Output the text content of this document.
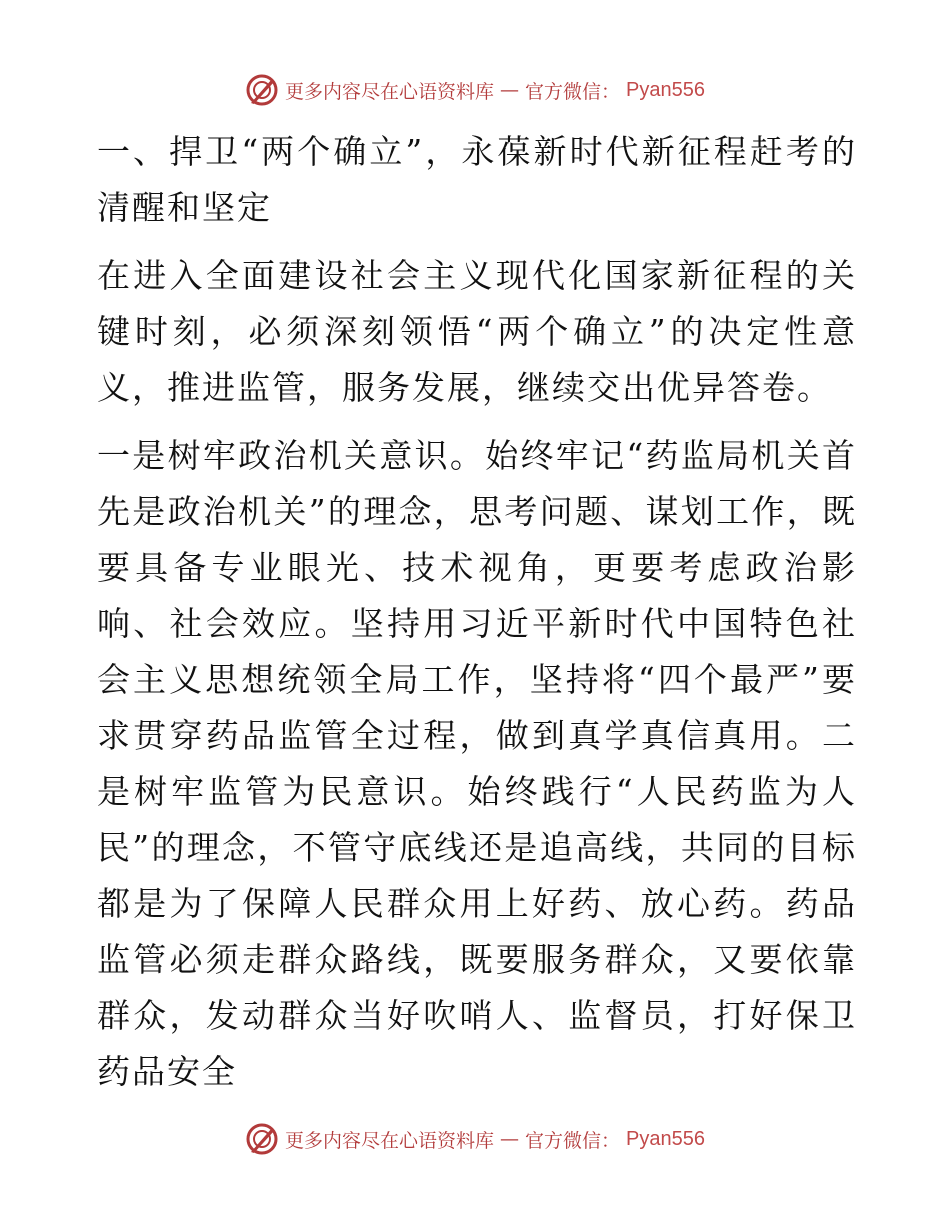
更多内容尽在心语资料库 — 官方微信： Pyan556

一、捍卫“两个确立”，永葆新时代新征程赶考的清醒和坚定

在进入全面建设社会主义现代化国家新征程的关键时刻，必须深刻领悟“两个确立”的决定性意义，推进监管，服务发展，继续交出优异答卷。

一是树牢政治机关意识。始终牢记“药监局机关首先是政治机关”的理念，思考问题、谋划工作，既要具备专业眼光、技术视角，更要考虑政治影响、社会效应。坚持用习近平新时代中国特色社会主义思想统领全局工作，坚持将“四个最严”要求贯穿药品监管全过程，做到真学真信真用。二是树牢监管为民意识。始终践行“人民药监为人民”的理念，不管守底线还是追高线，共同的目标都是为了保障人民群众用上好药、放心药。药品监管必须走群众路线，既要服务群众，又要依靠群众，发动群众当好吹哨人、监督员，打好保卫药品安全

更多内容尽在心语资料库 — 官方微信： Pyan556
